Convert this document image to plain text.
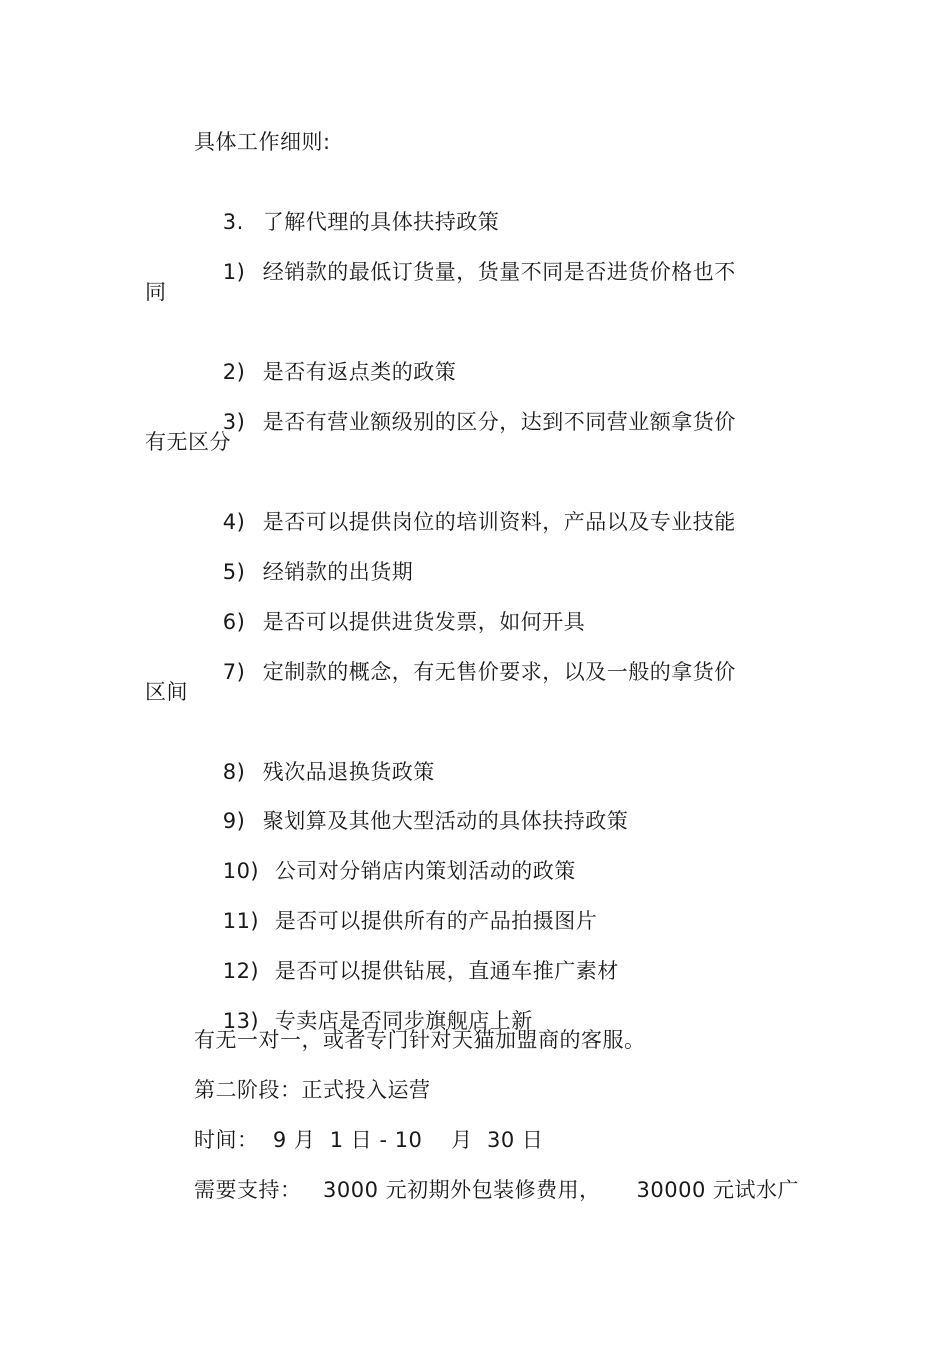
具体工作细则:

3. 了解代理的具体扶持政策

1) 经销款的最低订货量，货量不同是否进货价格也不

同

2) 是否有返点类的政策

3) 是否有营业额级别的区分，达到不同营业额拿货价

有无区分

4) 是否可以提供岗位的培训资料，产品以及专业技能

5) 经销款的出货期

6) 是否可以提供进货发票，如何开具

7) 定制款的概念，有无售价要求，以及一般的拿货价

区间

8) 残次品退换货政策

9) 聚划算及其他大型活动的具体扶持政策

10) 公司对分销店内策划活动的政策

11) 是否可以提供所有的产品拍摄图片

12) 是否可以提供钻展，直通车推广素材

13) 专卖店是否同步旗舰店上新

有无一对一，或者专门针对天猫加盟商的客服。
第二阶段：正式投入运营
时间：  9 月  1 日 - 10    月  30 日
需要支持：   3000 元初期外包装修费用，     30000 元试水广
